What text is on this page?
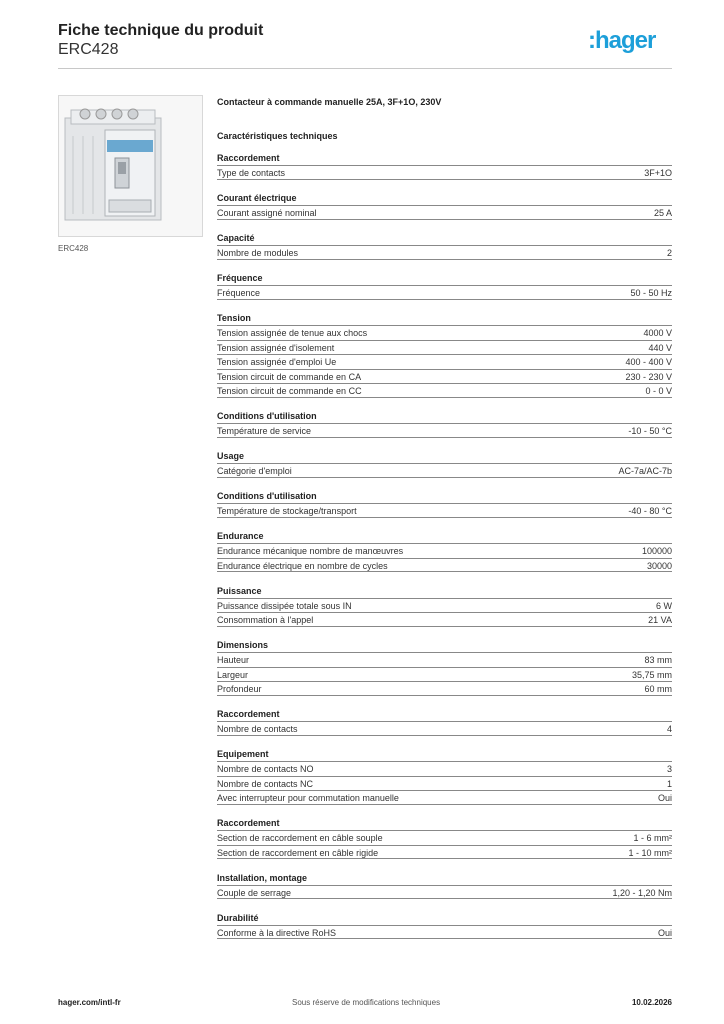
Fiche technique du produit
ERC428	:hager
ERC428
Contacteur à commande manuelle 25A, 3F+1O, 230V
Caractéristiques techniques
Raccordement
Type de contacts	3F+1O
Courant électrique
Courant assigné nominal	25 A
Capacité
Nombre de modules	2
Fréquence
Fréquence	50 - 50 Hz
Tension
Tension assignée de tenue aux chocs	4000 V
Tension assignée d'isolement	440 V
Tension assignée d'emploi Ue	400 - 400 V
Tension circuit de commande en CA	230 - 230 V
Tension circuit de commande en CC	0 - 0 V
Conditions d'utilisation
Température de service	-10 - 50 °C
Usage
Catégorie d'emploi	AC-7a/AC-7b
Conditions d'utilisation
Température de stockage/transport	-40 - 80 °C
Endurance
Endurance mécanique nombre de manœuvres	100000
Endurance électrique en nombre de cycles	30000
Puissance
Puissance dissipée totale sous IN	6 W
Consommation à l'appel	21 VA
Dimensions
Hauteur	83 mm
Largeur	35,75 mm
Profondeur	60 mm
Raccordement
Nombre de contacts	4
Equipement
Nombre de contacts NO	3
Nombre de contacts NC	1
Avec interrupteur pour commutation manuelle	Oui
Raccordement
Section de raccordement en câble souple	1 - 6 mm²
Section de raccordement en câble rigide	1 - 10 mm²
Installation, montage
Couple de serrage	1,20 - 1,20 Nm
Durabilité
Conforme à la directive RoHS	Oui
hager.com/intl-fr	Sous réserve de modifications techniques	10.02.2026
